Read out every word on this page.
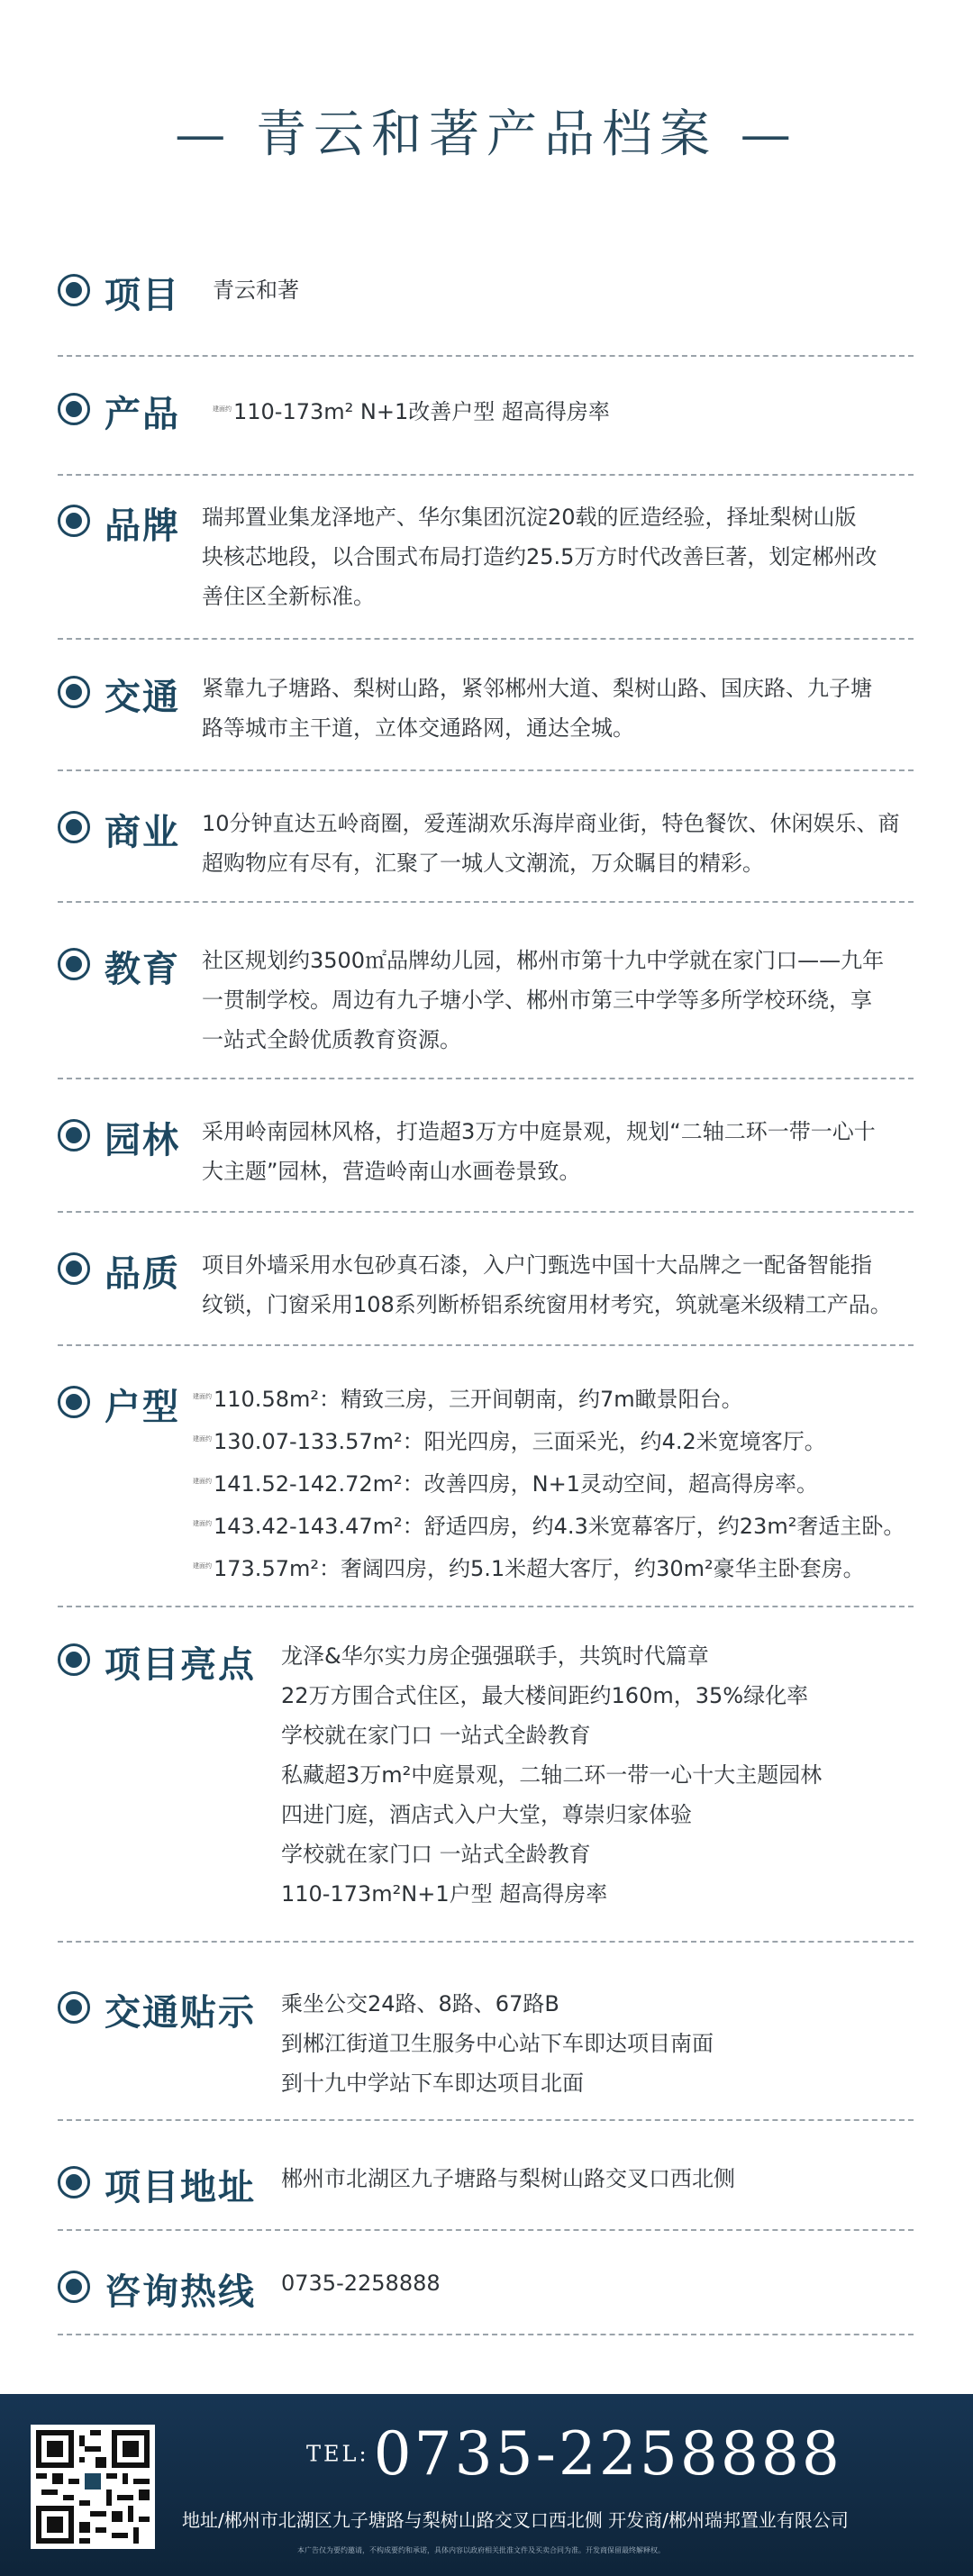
— 青云和著产品档案 —
项目 青云和著
产品	$^{建面约}$110-173m² N+1改善户型 超高得房率
品牌 瑞邦置业集龙泽地产、华尔集团沉淀20载的匠造经验，择址梨树山版
块核芯地段，以合围式布局打造约25.5万方时代改善巨著，划定郴州改
善住区全新标准。
交通 紧靠九子塘路、梨树山路，紧邻郴州大道、梨树山路、国庆路、九子塘
路等城市主干道，立体交通路网，通达全城。
商业 10分钟直达五岭商圈，爱莲湖欢乐海岸商业街，特色餐饮、休闲娱乐、商
超购物应有尽有，汇聚了一城人文潮流，万众瞩目的精彩。
教育 社区规划约3500㎡品牌幼儿园，郴州市第十九中学就在家门口——九年
一贯制学校。周边有九子塘小学、郴州市第三中学等多所学校环绕，享
一站式全龄优质教育资源。
园林 采用岭南园林风格，打造超3万方中庭景观，规划“二轴二环一带一心十
大主题”园林，营造岭南山水画卷景致。
品质 项目外墙采用水包砂真石漆，入户门甄选中国十大品牌之一配备智能指
纹锁，门窗采用108系列断桥铝系统窗用材考究，筑就毫米级精工产品。
户型 $^{建面约}$110.58m²：精致三房，三开间朝南，约7m瞰景阳台。
$^{建面约}$130.07-133.57m²：阳光四房，三面采光，约4.2米宽境客厅。
$^{建面约}$141.52-142.72m²：改善四房，N+1灵动空间，超高得房率。
$^{建面约}$143.42-143.47m²：舒适四房，约4.3米宽幕客厅，约23m²奢适主卧。
$^{建面约}$173.57m²：奢阔四房，约5.1米超大客厅，约30m²豪华主卧套房。
项目亮点 龙泽&华尔实力房企强强联手，共筑时代篇章
22万方围合式住区，最大楼间距约160m，35%绿化率
学校就在家门口 一站式全龄教育
私藏超3万m²中庭景观，二轴二环一带一心十大主题园林
四进门庭，酒店式入户大堂，尊崇归家体验
学校就在家门口 一站式全龄教育
110-173m²N+1户型 超高得房率
交通贴示 乘坐公交24路、8路、67路B
到郴江街道卫生服务中心站下车即达项目南面
到十九中学站下车即达项目北面
项目地址 郴州市北湖区九子塘路与梨树山路交叉口西北侧
咨询热线 0735-2258888
TEL: 0735-2258888
地址/郴州市北湖区九子塘路与梨树山路交叉口西北侧 开发商/郴州瑞邦置业有限公司
本广告仅为要约邀请，不构成要约和承诺，具体内容以政府相关批准文件及买卖合同为准。开发商保留最终解释权。
